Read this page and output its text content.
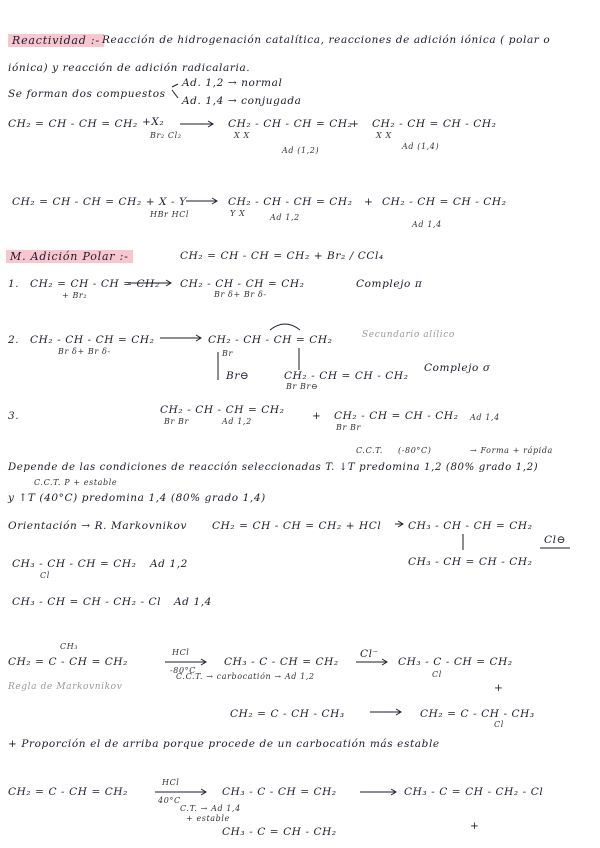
Reactividad :- Reacción de hidrogenación catalítica, reacciones de adición iónica ( polar o
iónica) y reacción de adición radicalaria.
Se forman dos compuestos
Ad. 1,2 → normal
Ad. 1,4 → conjugada
CH₂ = CH - CH = CH₂ +X₂
Br₂ Cl₂
CH₂ - CH - CH = CH₂
X X
Ad (1,2)
+ CH₂ - CH = CH - CH₂
X X
Ad (1,4)
CH₂ = CH - CH = CH₂ + X - Y
HBr HCl
CH₂ - CH - CH = CH₂
Y X	Ad 1,2
+ CH₂ - CH = CH - CH₂
Ad 1,4
M. Adición Polar :-	CH₂ = CH - CH = CH₂ + Br₂ / CCl₄
1. CH₂ = CH - CH = CH₂
+ Br₂
CH₂ - CH - CH = CH₂
Br δ+ Br δ-
Complejo π
2. CH₂ - CH - CH = CH₂
Br δ+ Br δ-
CH₂ - CH - CH = CH₂
Br
Secundario alílico
Br⊖	CH₂ - CH = CH - CH₂
Br Br⊖
Complejo σ
3.	CH₂ - CH - CH = CH₂
Br Br	Ad 1,2	+ CH₂ - CH = CH - CH₂
Br Br
Ad 1,4
C.C.T. (-80°C)	→ Forma + rápida
Depende de las condiciones de reacción seleccionadas T. ↓T predomina 1,2 (80% grado 1,2)
C.C.T. P + estable
y ↑T (40°C) predomina 1,4 (80% grado 1,4)
Orientación → R. Markovnikov CH₂ = CH - CH = CH₂ + HCl	CH₃ - CH - CH = CH₂
Cl⊖
CH₃ - CH = CH - CH₂
CH₃ - CH - CH = CH₂
Cl
Ad 1,2
CH₃ - CH = CH - CH₂ - Cl Ad 1,4
CH₃
CH₂ = C - CH = CH₂
HCl
-80°C
C.C.T. → carbocatión → Ad 1,2
Regla de Markovnikov
CH₃ - C - CH = CH₂
Cl⁻
CH₃ - C - CH = CH₂
Cl
+
CH₂ = C - CH - CH₃	CH₂ = C - CH - CH₃
Cl
+ Proporción el de arriba porque procede de un carbocatión más estable
CH₂ = C - CH = CH₂
HCl
40°C
C.T. → Ad 1,4
+ estable
CH₃ - C - CH = CH₂
CH₃ - C = CH - CH₂
CH₃ - C = CH - CH₂ - Cl
+
